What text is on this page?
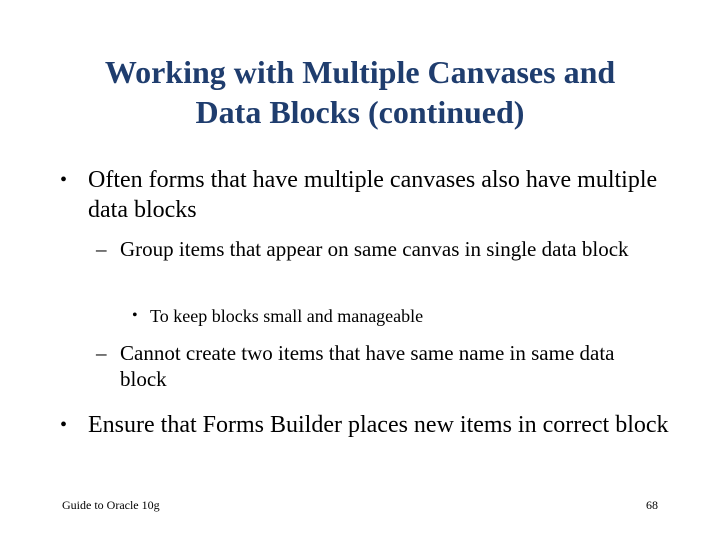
Working with Multiple Canvases and
Data Blocks (continued)
• Often forms that have multiple canvases also have multiple data blocks
– Group items that appear on same canvas in single data block
• To keep blocks small and manageable
– Cannot create two items that have same name in same data block
• Ensure that Forms Builder places new items in correct block
Guide to Oracle 10g	68
